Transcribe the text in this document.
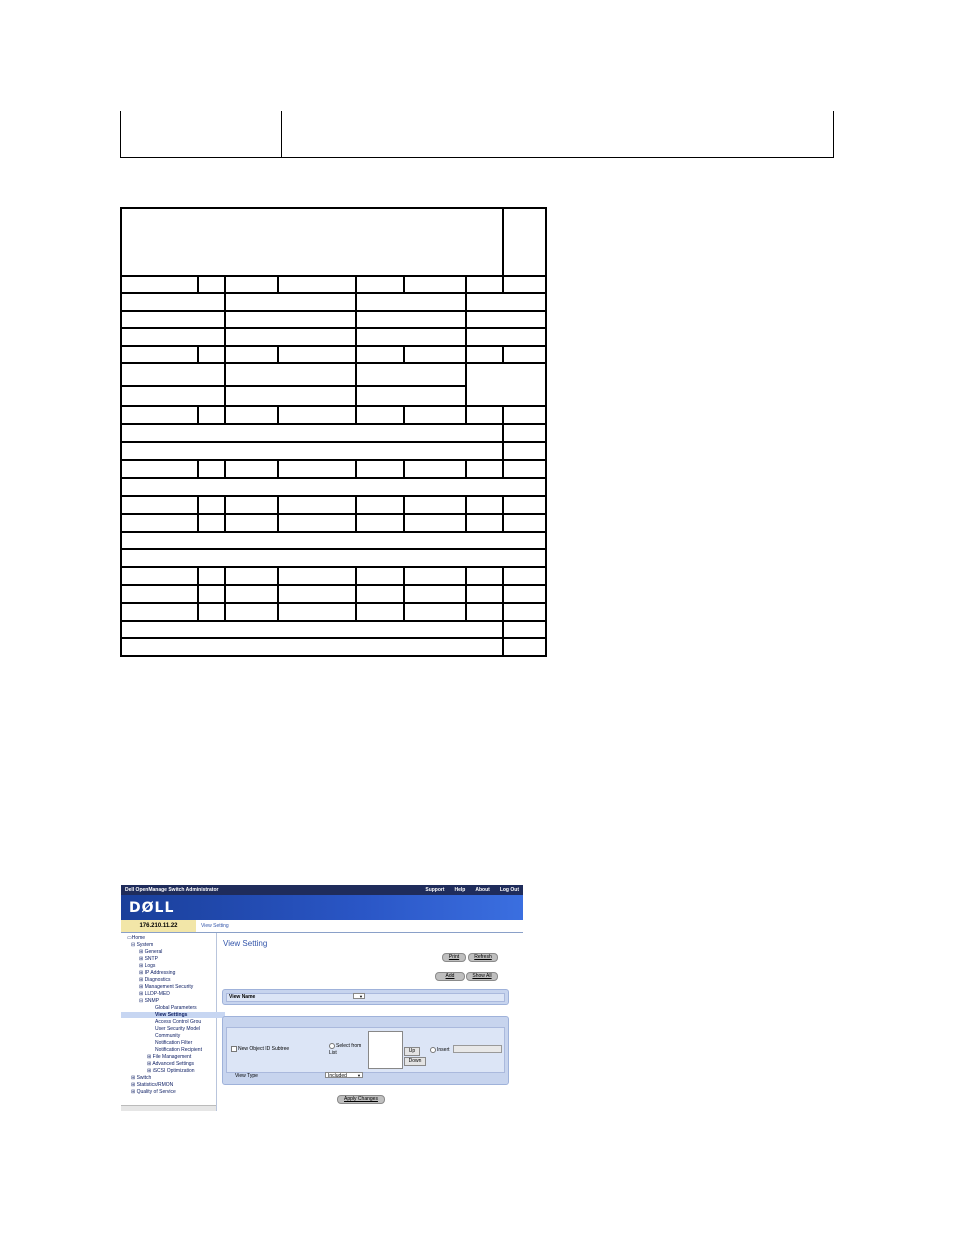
Dell OpenManage Switch Administrator	Support Help About Log Out
DØLL
176.210.11.22	View Setting
⊞ Quality of Service
⊞ Statistics/RMON
⊞ Switch
⊞ iSCSI Optimization
⊞ Advanced Settings
⊞ File Management
Notification Recipient
Notification Filter
Community
User Security Model
Access Control Grou
View Settings
Global Parameters
⊟ SNMP
⊞ LLDP-MED
⊞ Management Security
⊞ Diagnostics
⊞ IP Addressing
⊞ Logs
⊞ SNTP
⊞ General
⊟ System
▭Home
View Setting
Print	Refresh
Add	Show All
View Name	▼
New Object ID Subtree	Select from List	Up
Down
Insert
View Type	Included	▼
Apply Changes
